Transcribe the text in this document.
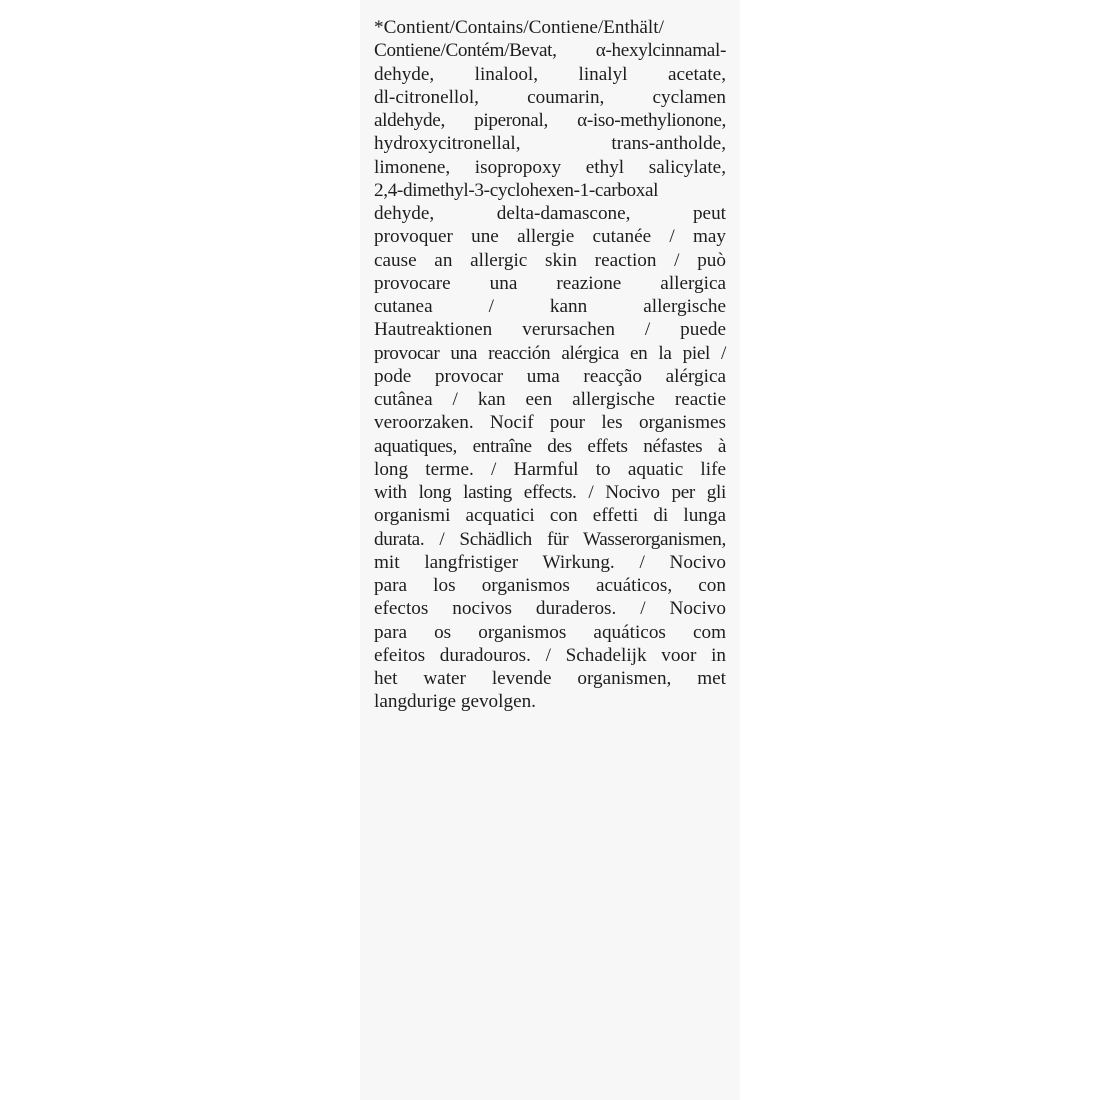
*Contient/Contains/Contiene/Enthält/
Contiene/Contém/Bevat, α-hexylcinnamal-
dehyde, linalool, linalyl acetate,
dl-citronellol, coumarin, cyclamen
aldehyde, piperonal, α-iso-methylionone,
hydroxycitronellal, trans-antholde,
limonene, isopropoxy ethyl salicylate,
2,4-dimethyl-3-cyclohexen-1-carboxal
dehyde, delta-damascone, peut
provoquer une allergie cutanée / may
cause an allergic skin reaction / può
provocare una reazione allergica
cutanea / kann allergische
Hautreaktionen verursachen / puede
provocar una reacción alérgica en la piel /
pode provocar uma reacção alérgica
cutânea / kan een allergische reactie
veroorzaken. Nocif pour les organismes
aquatiques, entraîne des effets néfastes à
long terme. / Harmful to aquatic life
with long lasting effects. / Nocivo per gli
organismi acquatici con effetti di lunga
durata. / Schädlich für Wasserorganismen,
mit langfristiger Wirkung. / Nocivo
para los organismos acuáticos, con
efectos nocivos duraderos. / Nocivo
para os organismos aquáticos com
efeitos duradouros. / Schadelijk voor in
het water levende organismen, met
langdurige gevolgen.
